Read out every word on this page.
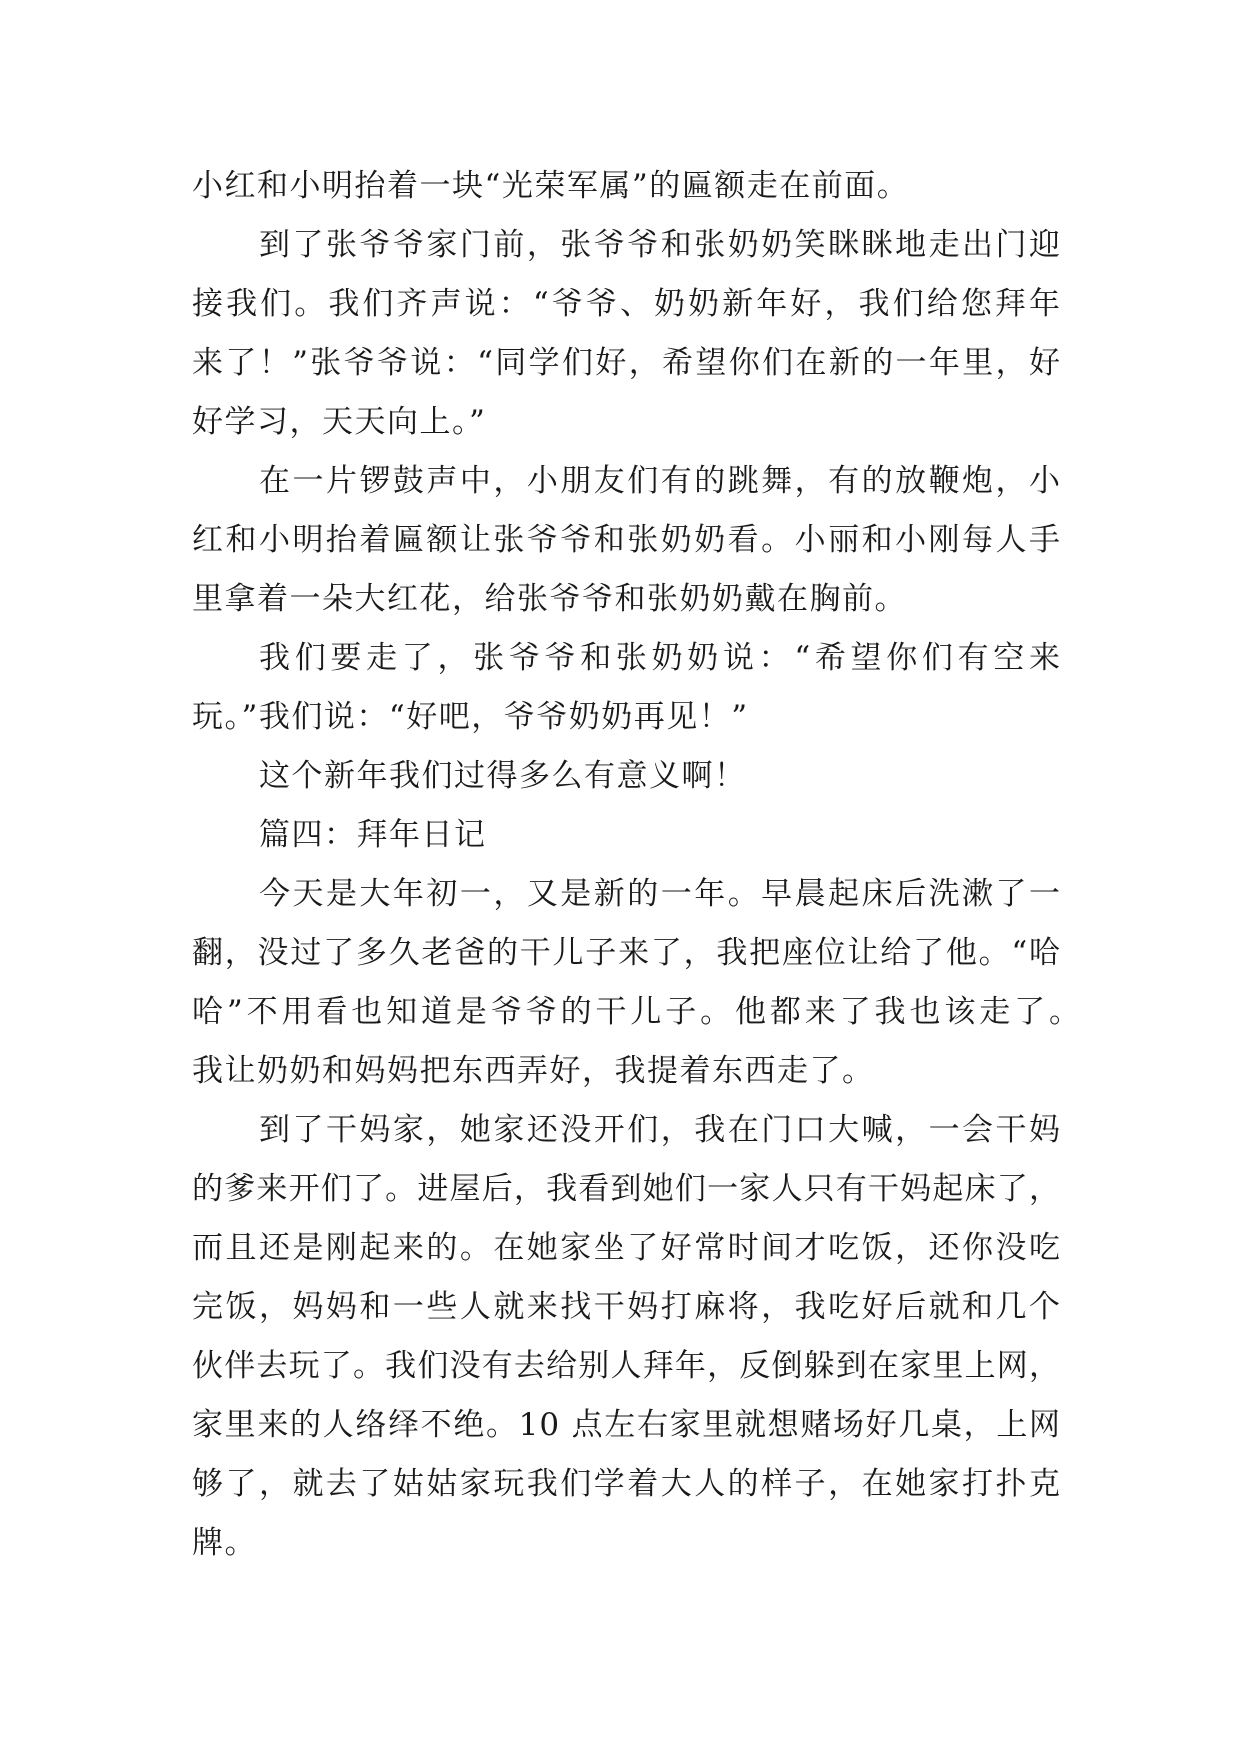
小红和小明抬着一块“光荣军属”的匾额走在前面。
到了张爷爷家门前，张爷爷和张奶奶笑眯眯地走出门迎
接我们。我们齐声说：“爷爷、奶奶新年好，我们给您拜年
来了！”张爷爷说：“同学们好，希望你们在新的一年里，好
好学习，天天向上。”
在一片锣鼓声中，小朋友们有的跳舞，有的放鞭炮，小
红和小明抬着匾额让张爷爷和张奶奶看。小丽和小刚每人手
里拿着一朵大红花，给张爷爷和张奶奶戴在胸前。
我们要走了，张爷爷和张奶奶说：“希望你们有空来
玩。”我们说：“好吧，爷爷奶奶再见！”
这个新年我们过得多么有意义啊！
篇四：拜年日记
今天是大年初一，又是新的一年。早晨起床后洗漱了一
翻，没过了多久老爸的干儿子来了，我把座位让给了他。“哈
哈”不用看也知道是爷爷的干儿子。他都来了我也该走了。
我让奶奶和妈妈把东西弄好，我提着东西走了。
到了干妈家，她家还没开们，我在门口大喊，一会干妈
的爹来开们了。进屋后，我看到她们一家人只有干妈起床了，
而且还是刚起来的。在她家坐了好常时间才吃饭，还你没吃
完饭，妈妈和一些人就来找干妈打麻将，我吃好后就和几个
伙伴去玩了。我们没有去给别人拜年，反倒躲到在家里上网，
家里来的人络绎不绝。10 点左右家里就想赌场好几桌，上网
够了，就去了姑姑家玩我们学着大人的样子，在她家打扑克
牌。
